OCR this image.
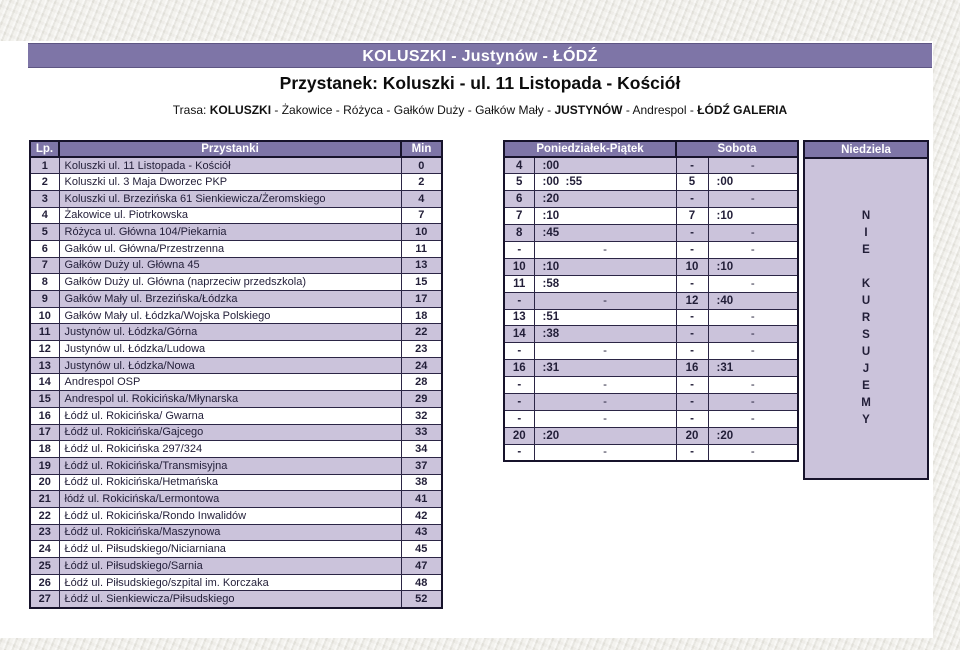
KOLUSZKI - Justynów - ŁÓDŹ
Przystanek: Koluszki - ul. 11 Listopada - Kościół
Trasa: KOLUSZKI - Żakowice - Różyca - Gałków Duży - Gałków Mały - JUSTYNÓW - Andrespol - ŁÓDŹ GALERIA
Lp.	Przystanki	Min
1	Koluszki ul. 11 Listopada - Kościół	0
2	Koluszki ul. 3 Maja Dworzec PKP	2
3	Koluszki ul. Brzezińska 61 Sienkiewicza/Żeromskiego	4
4	Żakowice ul. Piotrkowska	7
5	Różyca ul. Główna 104/Piekarnia	10
6	Gałków ul. Główna/Przestrzenna	11
7	Gałków Duży ul. Główna 45	13
8	Gałków Duży ul. Główna (naprzeciw przedszkola)	15
9	Gałków Mały ul. Brzezińska/Łódzka	17
10	Gałków Mały ul. Łódzka/Wojska Polskiego	18
11	Justynów ul. Łódzka/Górna	22
12	Justynów ul. Łódzka/Ludowa	23
13	Justynów ul. Łódzka/Nowa	24
14	Andrespol OSP	28
15	Andrespol ul. Rokicińska/Młynarska	29
16	Łódź ul. Rokicińska/ Gwarna	32
17	Łódź ul. Rokicińska/Gajcego	33
18	Łódź ul. Rokicińska 297/324	34
19	Łódź ul. Rokicińska/Transmisyjna	37
20	Łódź ul. Rokicińska/Hetmańska	38
21	łódź ul. Rokicińska/Lermontowa	41
22	Łódź ul. Rokicińska/Rondo Inwalidów	42
23	Łódź ul. Rokicińska/Maszynowa	43
24	Łódź ul. Piłsudskiego/Niciarniana	45
25	Łódź ul. Piłsudskiego/Sarnia	47
26	Łódź ul. Piłsudskiego/szpital im. Korczaka	48
27	Łódź ul. Sienkiewicza/Piłsudskiego	52
Poniedziałek-Piątek		Sobota	
4	:00	-	-
5	:00  :55	5	:00
6	:20	-	-
7	:10	7	:10
8	:45	-	-
-	-	-	-
10	:10	10	:10
11	:58	-	-
-	-	12	:40
13	:51	-	-
14	:38	-	-
-	-	-	-
16	:31	16	:31
-	-	-	-
-	-	-	-
-	-	-	-
20	:20	20	:20
-	-	-	-
Niedziela
N
I
E
K
U
R
S
U
J
E
M
Y
